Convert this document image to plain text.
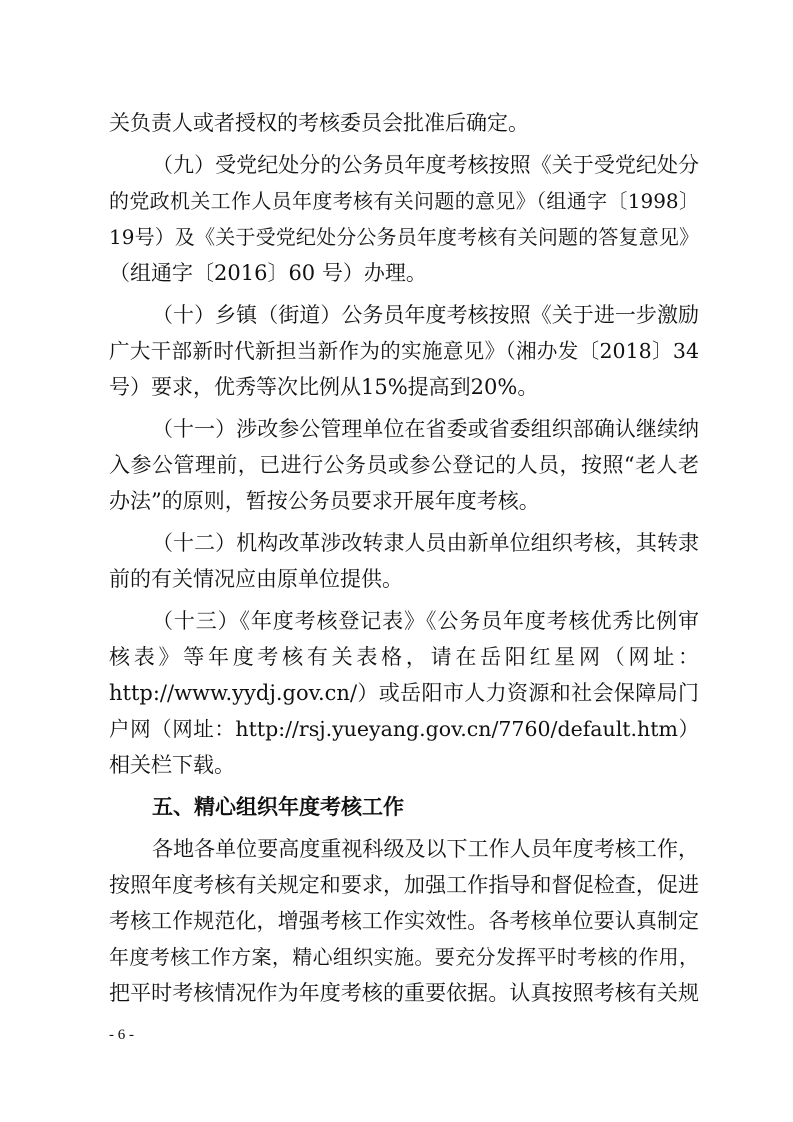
关负责人或者授权的考核委员会批准后确定。
（九）受党纪处分的公务员年度考核按照《关于受党纪处分
的党政机关工作人员年度考核有关问题的意见》（组通字〔1998〕
19号）及《关于受党纪处分公务员年度考核有关问题的答复意见》
（组通字〔2016〕60 号）办理。
（十）乡镇（街道）公务员年度考核按照《关于进一步激励
广大干部新时代新担当新作为的实施意见》（湘办发〔2018〕34
号）要求，优秀等次比例从15%提高到20%。
（十一）涉改参公管理单位在省委或省委组织部确认继续纳
入参公管理前，已进行公务员或参公登记的人员，按照“老人老
办法”的原则，暂按公务员要求开展年度考核。
（十二）机构改革涉改转隶人员由新单位组织考核，其转隶
前的有关情况应由原单位提供。
（十三）《年度考核登记表》《公务员年度考核优秀比例审
核表》等年度考核有关表格，请在岳阳红星网（网址：
http://www.yydj.gov.cn/）或岳阳市人力资源和社会保障局门
户网（网址：http://rsj.yueyang.gov.cn/7760/default.htm）
相关栏下载。
五、精心组织年度考核工作
各地各单位要高度重视科级及以下工作人员年度考核工作，
按照年度考核有关规定和要求，加强工作指导和督促检查，促进
考核工作规范化，增强考核工作实效性。各考核单位要认真制定
年度考核工作方案，精心组织实施。要充分发挥平时考核的作用，
把平时考核情况作为年度考核的重要依据。认真按照考核有关规
- 6 -
